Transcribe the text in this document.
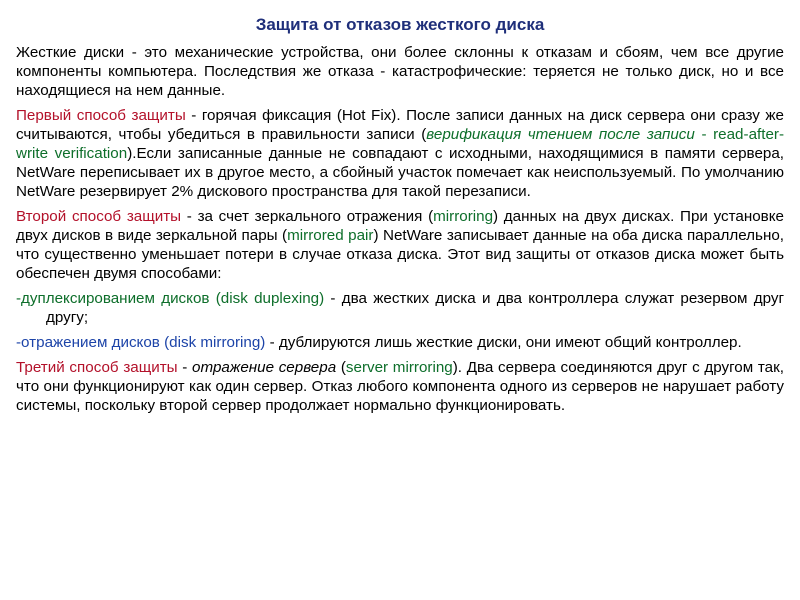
Защита от отказов жесткого диска

Жесткие диски - это механические устройства, они более склонны к отказам и сбоям, чем все другие компоненты компьютера. Последствия же отказа - катастрофические: теряется не только диск, но и все находящиеся на нем данные.

Первый способ защиты - горячая фиксация (Hot Fix). После записи данных на диск сервера они сразу же считываются, чтобы убедиться в правильности записи (верификация чтением после записи - read-after-write verification).Если записанные данные не совпадают с исходными, находящимися в памяти сервера, NetWare переписывает их в другое место, а сбойный участок помечает как неиспользуемый. По умолчанию NetWare резервирует 2% дискового пространства для такой перезаписи.

Второй способ защиты - за счет зеркального отражения (mirroring) данных на двух дисках. При установке двух дисков в виде зеркальной пары (mirrored pair) NetWare записывает данные на оба диска параллельно, что существенно уменьшает потери в случае отказа диска. Этот вид защиты от отказов диска может быть обеспечен двумя способами:

-дуплексированием дисков (disk duplexing) - два жестких диска и два контроллера служат резервом друг другу;

-отражением дисков (disk mirroring) - дублируются лишь жесткие диски, они имеют общий контроллер.

Третий способ защиты - отражение сервера (server mirroring). Два сервера соединяются друг с другом так, что они функционируют как один сервер. Отказ любого компонента одного из серверов не нарушает работу системы, поскольку второй сервер продолжает нормально функционировать.
